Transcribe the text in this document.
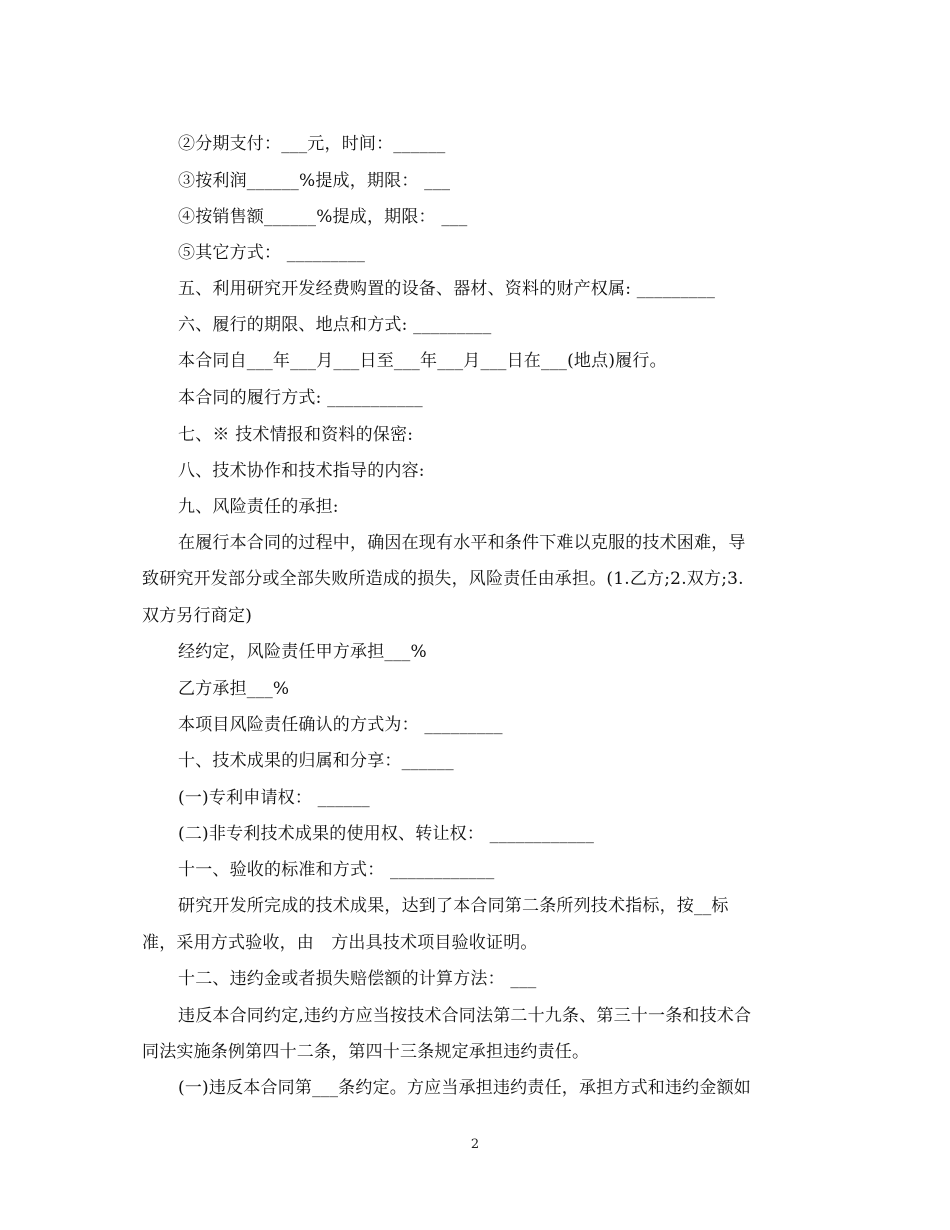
②分期支付：___元，时间：______
③按利润______%提成，期限： ___
④按销售额______%提成，期限： ___
⑤其它方式： _________
五、利用研究开发经费购置的设备、器材、资料的财产权属: _________
六、履行的期限、地点和方式: _________
本合同自___年___月___日至___年___月___日在___(地点)履行。
本合同的履行方式: ___________
七、※ 技术情报和资料的保密:
八、技术协作和技术指导的内容:
九、风险责任的承担:
在履行本合同的过程中，确因在现有水平和条件下难以克服的技术困难，导
致研究开发部分或全部失败所造成的损失，风险责任由承担。(1.乙方;2.双方;3.
双方另行商定)
经约定，风险责任甲方承担___%
乙方承担___%
本项目风险责任确认的方式为： _________
十、技术成果的归属和分享：______
(一)专利申请权： ______
(二)非专利技术成果的使用权、转让权： ____________
十一、验收的标准和方式： ____________
研究开发所完成的技术成果，达到了本合同第二条所列技术指标，按__标
准，采用方式验收，由　方出具技术项目验收证明。
十二、违约金或者损失赔偿额的计算方法： ___
违反本合同约定,违约方应当按技术合同法第二十九条、第三十一条和技术合
同法实施条例第四十二条，第四十三条规定承担违约责任。
(一)违反本合同第___条约定。方应当承担违约责任，承担方式和违约金额如
2
